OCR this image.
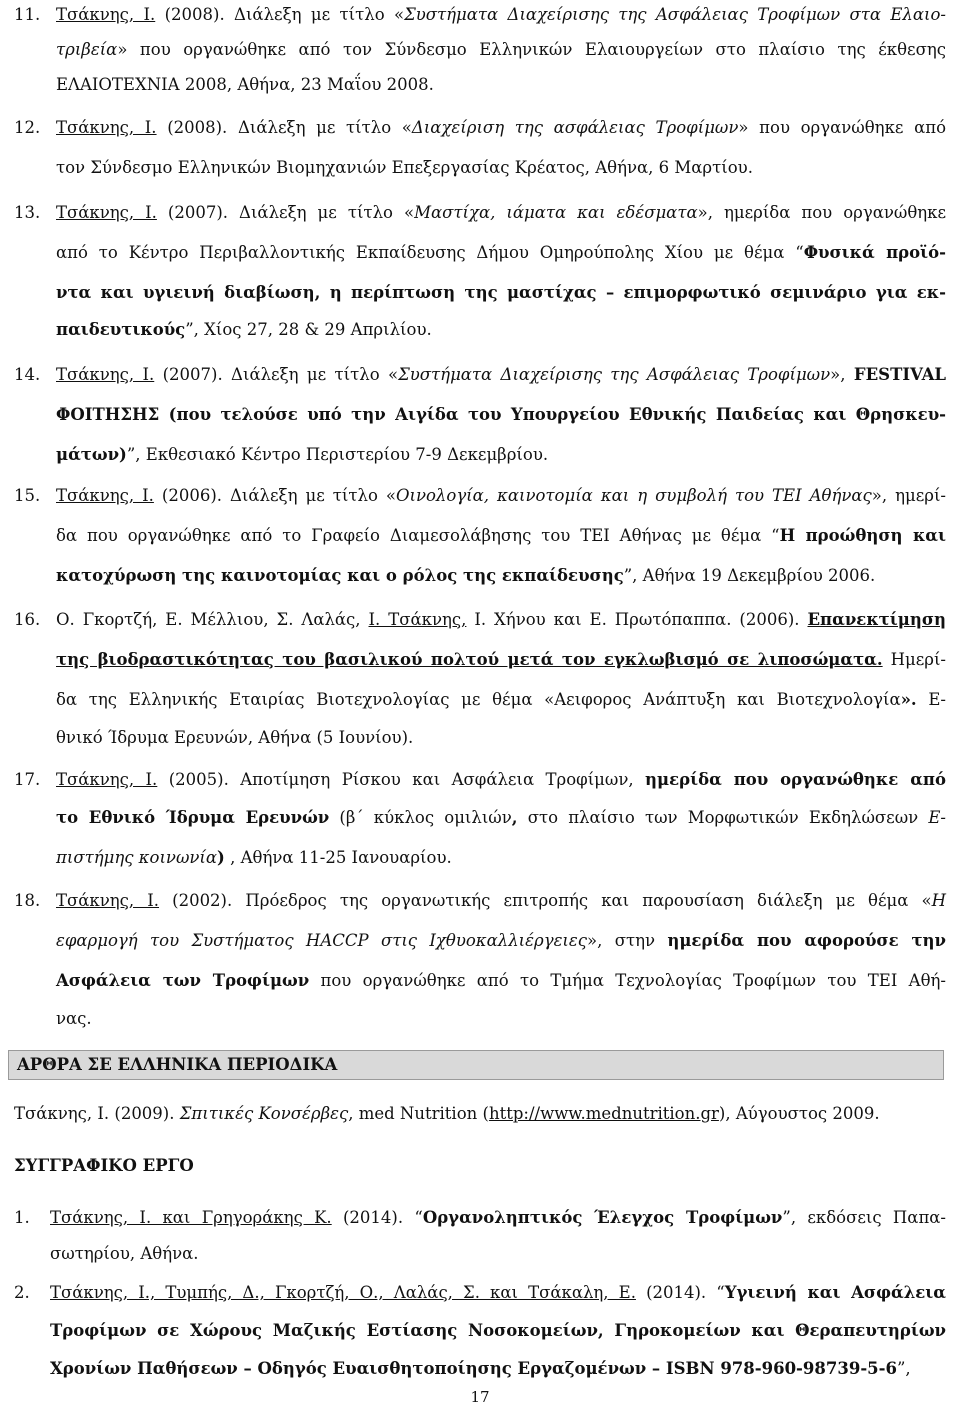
11. Τσάκνης, Ι. (2008). Διάλεξη με τίτλο «Συστήματα Διαχείρισης της Ασφάλειας Τροφίμων στα Ελαιο-
τριβεία» που οργανώθηκε από τον Σύνδεσμο Ελληνικών Ελαιουργείων στο πλαίσιο της έκθεσης
ΕΛΑΙΟΤΕΧΝΙΑ 2008, Αθήνα, 23 Μαΐου 2008.
12. Τσάκνης, Ι. (2008). Διάλεξη με τίτλο «Διαχείριση της ασφάλειας Τροφίμων» που οργανώθηκε από
τον Σύνδεσμο Ελληνικών Βιομηχανιών Επεξεργασίας Κρέατος, Αθήνα, 6 Μαρτίου.
13. Τσάκνης, Ι. (2007). Διάλεξη με τίτλο «Μαστίχα, ιάματα και εδέσματα», ημερίδα που οργανώθηκε
από το Κέντρο Περιβαλλοντικής Εκπαίδευσης Δήμου Ομηρούπολης Χίου με θέμα “Φυσικά προϊό-
ντα και υγιεινή διαβίωση, η περίπτωση της μαστίχας – επιμορφωτικό σεμινάριο για εκ-
παιδευτικούς”, Χίος 27, 28 & 29 Απριλίου.
14. Τσάκνης, Ι. (2007). Διάλεξη με τίτλο «Συστήματα Διαχείρισης της Ασφάλειας Τροφίμων», FESTIVAL
ΦΟΙΤΗΣΗΣ (που τελούσε υπό την Αιγίδα του Υπουργείου Εθνικής Παιδείας και Θρησκευ-
μάτων)”, Εκθεσιακό Κέντρο Περιστερίου 7-9 Δεκεμβρίου.
15. Τσάκνης, Ι. (2006). Διάλεξη με τίτλο «Οινολογία, καινοτομία και η συμβολή του ΤΕΙ Αθήνας», ημερί-
δα που οργανώθηκε από το Γραφείο Διαμεσολάβησης του ΤΕΙ Αθήνας με θέμα “Η προώθηση και
κατοχύρωση της καινοτομίας και ο ρόλος της εκπαίδευσης”, Αθήνα 19 Δεκεμβρίου 2006.
16. Ο. Γκορτζή, Ε. Μέλλιου, Σ. Λαλάς, Ι. Τσάκνης, Ι. Χήνου και Ε. Πρωτόπαππα. (2006). Επανεκτίμηση
της βιοδραστικότητας του βασιλικού πολτού μετά τον εγκλωβισμό σε λιποσώματα. Ημερί-
δα της Ελληνικής Εταιρίας Βιοτεχνολογίας με θέμα «Αειφορος Ανάπτυξη και Βιοτεχνολογία». Ε-
θνικό Ίδρυμα Ερευνών, Αθήνα (5 Ιουνίου).
17. Τσάκνης, Ι. (2005). Αποτίμηση Ρίσκου και Ασφάλεια Τροφίμων, ημερίδα που οργανώθηκε από
το Εθνικό Ίδρυμα Ερευνών (β΄ κύκλος ομιλιών, στο πλαίσιο των Μορφωτικών Εκδηλώσεων Ε-
πιστήμης κοινωνία) , Αθήνα 11-25 Ιανουαρίου.
18. Τσάκνης, Ι. (2002). Πρόεδρος της οργανωτικής επιτροπής και παρουσίαση διάλεξη με θέμα «Η
εφαρμογή του Συστήματος HACCP στις Ιχθυοκαλλιέργειες», στην ημερίδα που αφορούσε την
Ασφάλεια των Τροφίμων που οργανώθηκε από το Τμήμα Τεχνολογίας Τροφίμων του ΤΕΙ Αθή-
νας.
ΑΡΘΡΑ ΣΕ ΕΛΛΗΝΙΚΑ ΠΕΡΙΟΔΙΚΑ
Τσάκνης, Ι. (2009). Σπιτικές Κονσέρβες, med Nutrition (http://www.mednutrition.gr), Αύγουστος 2009.
ΣΥΓΓΡΑΦΙΚΟ ΕΡΓΟ
1. Τσάκνης, Ι. και Γρηγοράκης Κ. (2014). “Οργανοληπτικός Έλεγχος Τροφίμων”, εκδόσεις Παπα-
σωτηρίου, Αθήνα.
2. Τσάκνης, Ι., Τυμπής, Δ., Γκορτζή, Ο., Λαλάς, Σ. και Τσάκαλη, Ε. (2014). “Υγιεινή και Ασφάλεια
Τροφίμων σε Χώρους Μαζικής Εστίασης Νοσοκομείων, Γηροκομείων και Θεραπευτηρίων
Χρονίων Παθήσεων – Οδηγός Ευαισθητοποίησης Εργαζομένων – ISBN 978-960-98739-5-6”,
17
